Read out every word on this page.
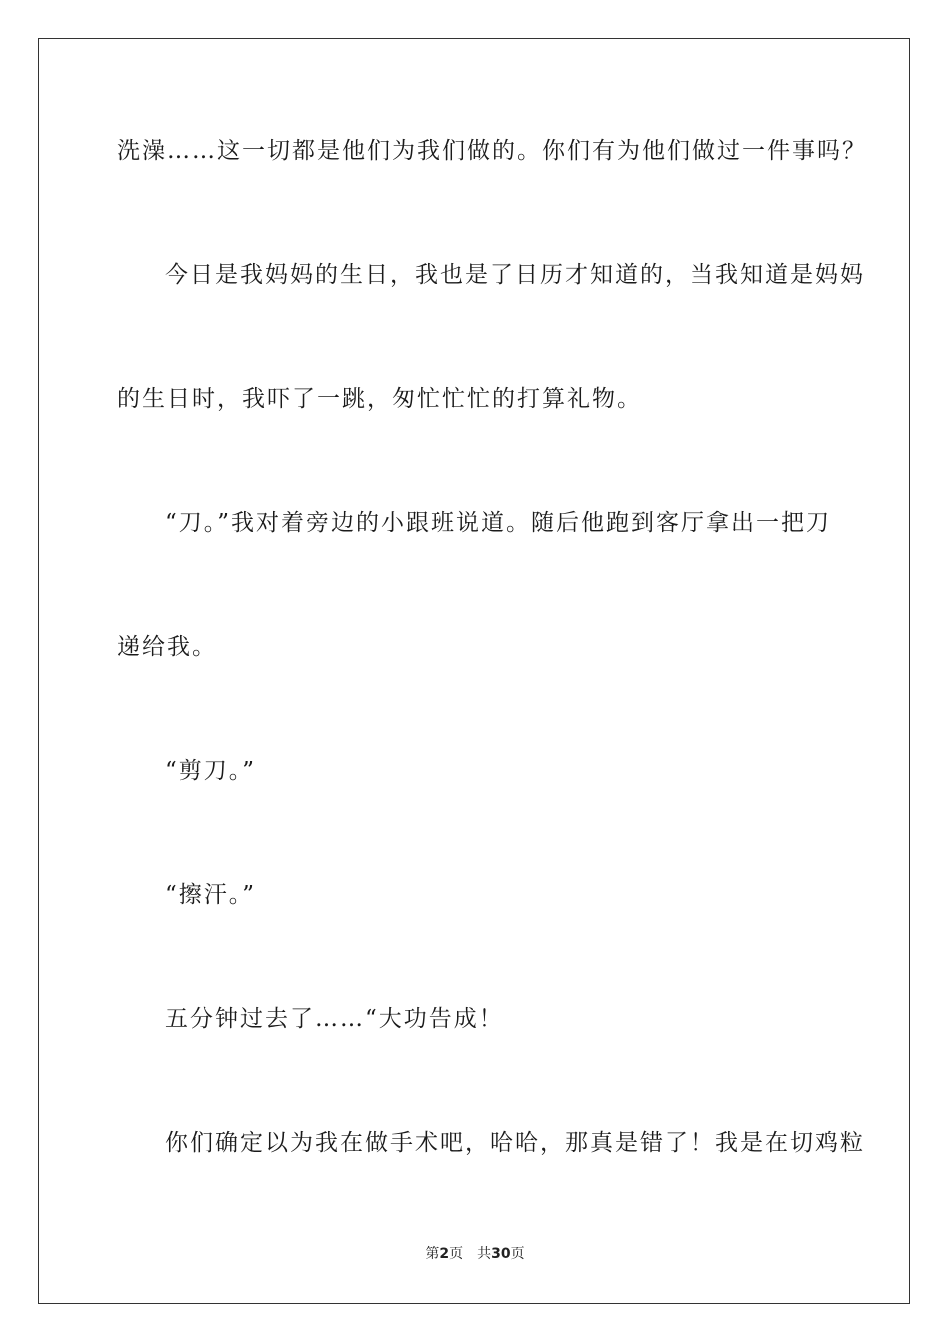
洗澡……这一切都是他们为我们做的。你们有为他们做过一件事吗？
今日是我妈妈的生日，我也是了日历才知道的，当我知道是妈妈
的生日时，我吓了一跳，匆忙忙忙的打算礼物。
“刀。”我对着旁边的小跟班说道。随后他跑到客厅拿出一把刀
递给我。
“剪刀。”
“擦汗。”
五分钟过去了……“大功告成！
你们确定以为我在做手术吧，哈哈，那真是错了！我是在切鸡粒
第2页 共30页
